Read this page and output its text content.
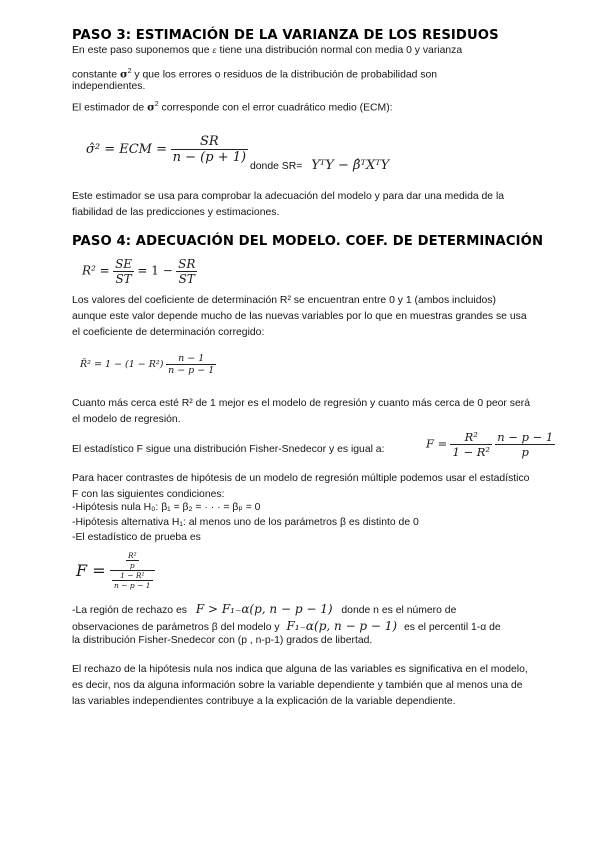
PASO 3: ESTIMACIÓN DE LA VARIANZA DE LOS RESIDUOS
En este paso suponemos que ε tiene una distribución normal con media 0 y varianza
constante $\sigma^2$ y que los errores o residuos de la distribución de probabilidad son
independientes.
El estimador de $\sigma^2$ corresponde con el error cuadrático medio (ECM):
σ̂² = ECM = $\frac{SR}{n - (p + 1)}$
donde SR= YᵀY − β̂ᵀXᵀY

Este estimador se usa para comprobar la adecuación del modelo y para dar una medida de la fiabilidad de las predicciones y estimaciones.

PASO 4: ADECUACIÓN DEL MODELO. COEF. DE DETERMINACIÓN
$R^2 = \frac{SE}{ST} = 1 - \frac{SR}{ST}$

Los valores del coeficiente de determinación R² se encuentran entre 0 y 1 (ambos incluidos) aunque este valor depende mucho de las nuevas variables por lo que en muestras grandes se usa el coeficiente de determinación corregido:

R̄² = $1 - (1 - R^2) \frac{n - 1}{n - p - 1}$

Cuanto más cerca esté R² de 1 mejor es el modelo de regresión y cuanto más cerca de 0 peor será el modelo de regresión.

El estadístico F sigue una distribución Fisher-Snedecor y es igual a:	$F = \frac{\text{R²}}{\text{1 − R²}}$
$\frac{n - p - 1}{p}$

Para hacer contrastes de hipótesis de un modelo de regresión múltiple podemos usar el estadístico F con las siguientes condiciones:

-Hipótesis nula H₀: β₁ = β₂ = · · · = βₚ = 0
-Hipótesis alternativa H₁: al menos uno de los parámetros β es distinto de 0
-El estadístico de prueba es
$F = \frac{\frac{\text{R²}}{p}}{\frac{\text{1 − R²}}{n - p - 1}}$
-La región de rechazo es F > F₁₋α(p, n − p − 1) donde n es el número de
observaciones de parámetros β del modelo y F₁₋α(p, n − p − 1) es el percentil 1-α de
la distribución Fisher-Snedecor con (p , n-p-1) grados de libertad.

El rechazo de la hipótesis nula nos indica que alguna de las variables es significativa en el modelo, es decir, nos da alguna información sobre la variable dependiente y también que al menos una de las variables independientes contribuye a la explicación de la variable dependiente.
